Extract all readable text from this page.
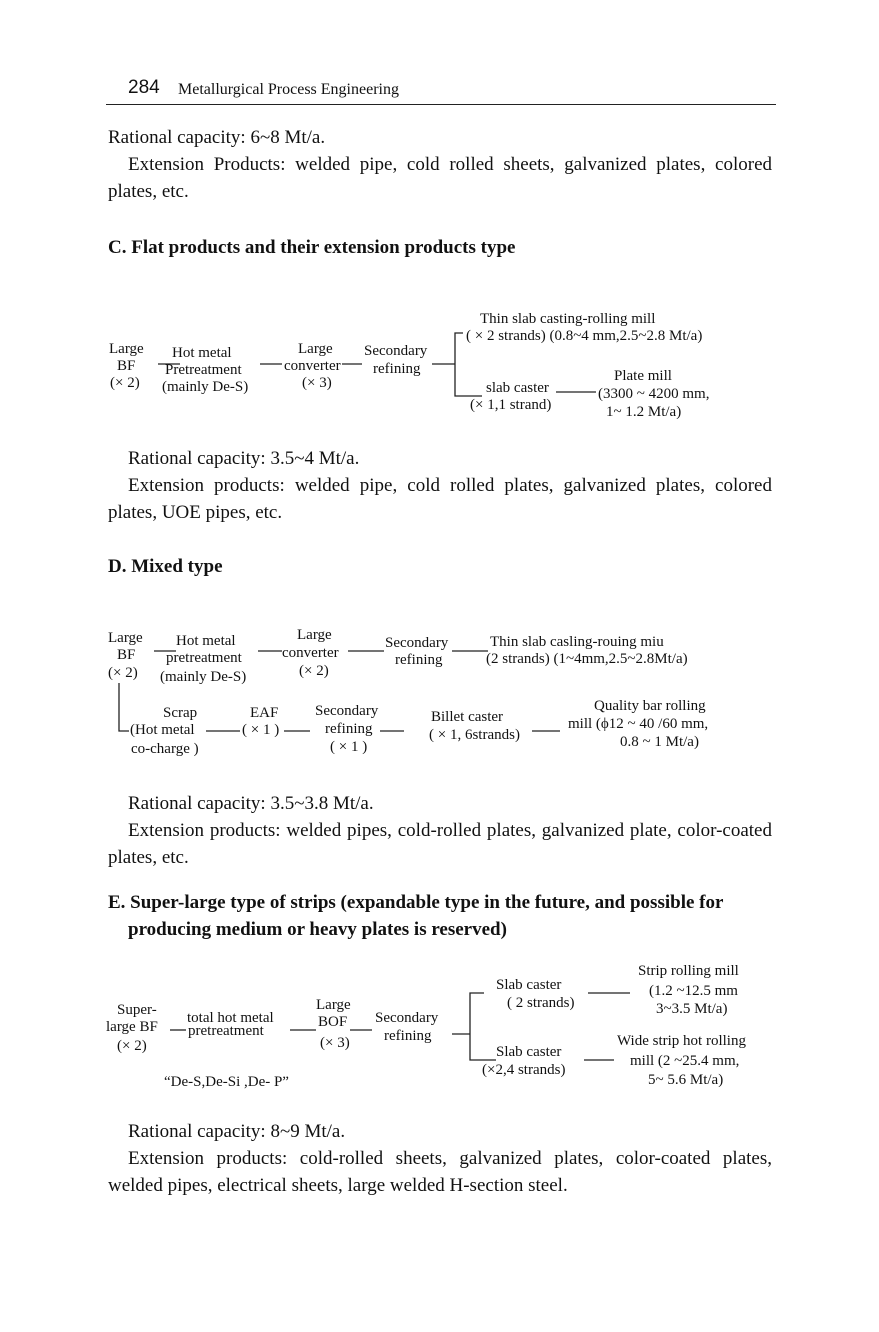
284 Metallurgical Process Engineering
Rational capacity: 6~8 Mt/a.
Extension Products: welded pipe, cold rolled sheets, galvanized plates, colored plates, etc.
C. Flat products and their extension products type
Large
BF
(× 2)
Hot metal
Pretreatment
(mainly De-S)
Large
converter
(× 3)
Secondary
refining
Thin slab casting-rolling mill
( × 2 strands) (0.8~4 mm,2.5~2.8 Mt/a)
slab caster
(× 1,1 strand)
Plate mill
(3300 ~ 4200 mm,
1~ 1.2 Mt/a)
Rational capacity: 3.5~4 Mt/a.
Extension products: welded pipe, cold rolled plates, galvanized plates, colored plates, UOE pipes, etc.
D. Mixed type
Large
BF
(× 2)
Hot metal
pretreatment
(mainly De-S)
Large
converter
(× 2)
Secondary
refining
Thin slab casling-rouing miu
(2 strands) (1~4mm,2.5~2.8Mt/a)
Scrap
(Hot metal
co-charge )
EAF
( × 1 )
Secondary
refining
( × 1 )
Billet caster
( × 1, 6strands)
Quality bar rolling
mill (ϕ12 ~ 40 /60 mm,
0.8 ~ 1 Mt/a)
Rational capacity: 3.5~3.8 Mt/a.
Extension products: welded pipes, cold-rolled plates, galvanized plate, color-coated plates, etc.
E. Super-large type of strips (expandable type in the future, and possible for
producing medium or heavy plates is reserved)
Super-
large BF
(× 2)
total hot metal
pretreatment
Large
BOF
(× 3)
Secondary
refining
Slab caster
( 2 strands)
Strip rolling mill
(1.2 ~12.5 mm
3~3.5 Mt/a)
Slab caster
(×2,4 strands)
Wide strip hot rolling
mill (2 ~25.4 mm,
5~ 5.6 Mt/a)
“De-S,De-Si ,De- P”
Rational capacity: 8~9 Mt/a.
Extension products: cold-rolled sheets, galvanized plates, color-coated plates, welded pipes, electrical sheets, large welded H-section steel.
